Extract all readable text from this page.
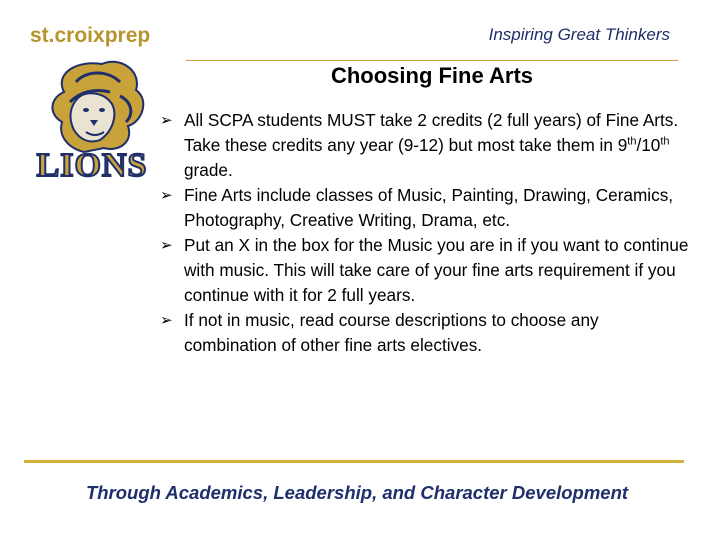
st.croixprep	Inspiring Great Thinkers
LIONS
Choosing Fine Arts
➢ All SCPA students MUST take 2 credits (2 full years) of Fine Arts. Take these credits any year (9-12) but most take them in 9th/10th grade.
➢ Fine Arts include classes of Music, Painting, Drawing, Ceramics, Photography, Creative Writing, Drama, etc.
➢ Put an X in the box for the Music you are in if you want to continue with music. This will take care of your fine arts requirement if you continue with it for 2 full years.
➢ If not in music, read course descriptions to choose any combination of other fine arts electives.
Through Academics, Leadership, and Character Development
